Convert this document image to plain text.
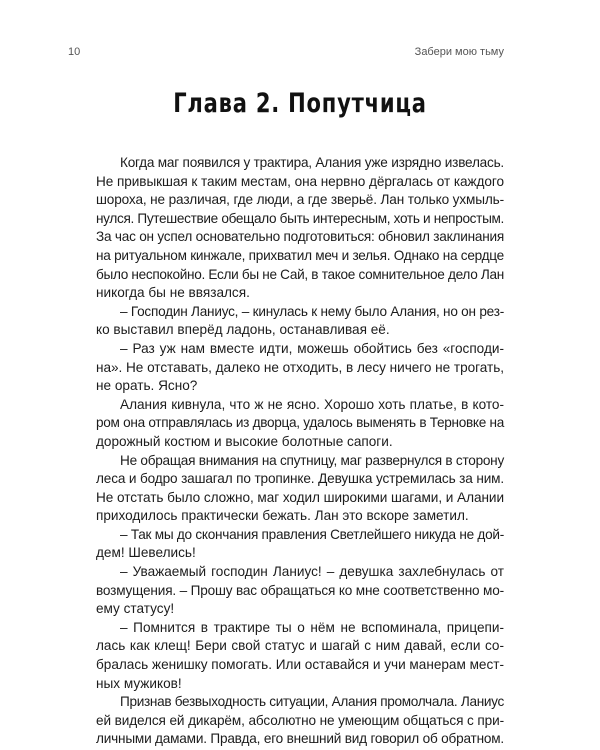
10	Забери мою тьму
Глава 2. Попутчица
Когда маг появился у трактира, Алания уже изрядно извелась.
Не привыкшая к таким местам, она нервно дёргалась от каждого
шороха, не различая, где люди, а где зверьё. Лан только ухмыль-
нулся. Путешествие обещало быть интересным, хоть и непростым.
За час он успел основательно подготовиться: обновил заклинания
на ритуальном кинжале, прихватил меч и зелья. Однако на сердце
было неспокойно. Если бы не Сай, в такое сомнительное дело Лан
никогда бы не ввязался.
– Господин Ланиус, – кинулась к нему было Алания, но он рез-
ко выставил вперёд ладонь, останавливая её.
– Раз уж нам вместе идти, можешь обойтись без «господи-
на». Не отставать, далеко не отходить, в лесу ничего не трогать,
не орать. Ясно?
Алания кивнула, что ж не ясно. Хорошо хоть платье, в кото-
ром она отправлялась из дворца, удалось выменять в Терновке на
дорожный костюм и высокие болотные сапоги.
Не обращая внимания на спутницу, маг развернулся в сторону
леса и бодро зашагал по тропинке. Девушка устремилась за ним.
Не отстать было сложно, маг ходил широкими шагами, и Алании
приходилось практически бежать. Лан это вскоре заметил.
– Так мы до скончания правления Светлейшего никуда не дой-
дем! Шевелись!
– Уважаемый господин Ланиус! – девушка захлебнулась от
возмущения. – Прошу вас обращаться ко мне соответственно мо-
ему статусу!
– Помнится в трактире ты о нём не вспоминала, прицепи-
лась как клещ! Бери свой статус и шагай с ним давай, если со-
бралась женишку помогать. Или оставайся и учи манерам мест-
ных мужиков!
Признав безвыходность ситуации, Алания промолчала. Ланиус
ей виделся ей дикарём, абсолютно не умеющим общаться с при-
личными дамами. Правда, его внешний вид говорил об обратном.
